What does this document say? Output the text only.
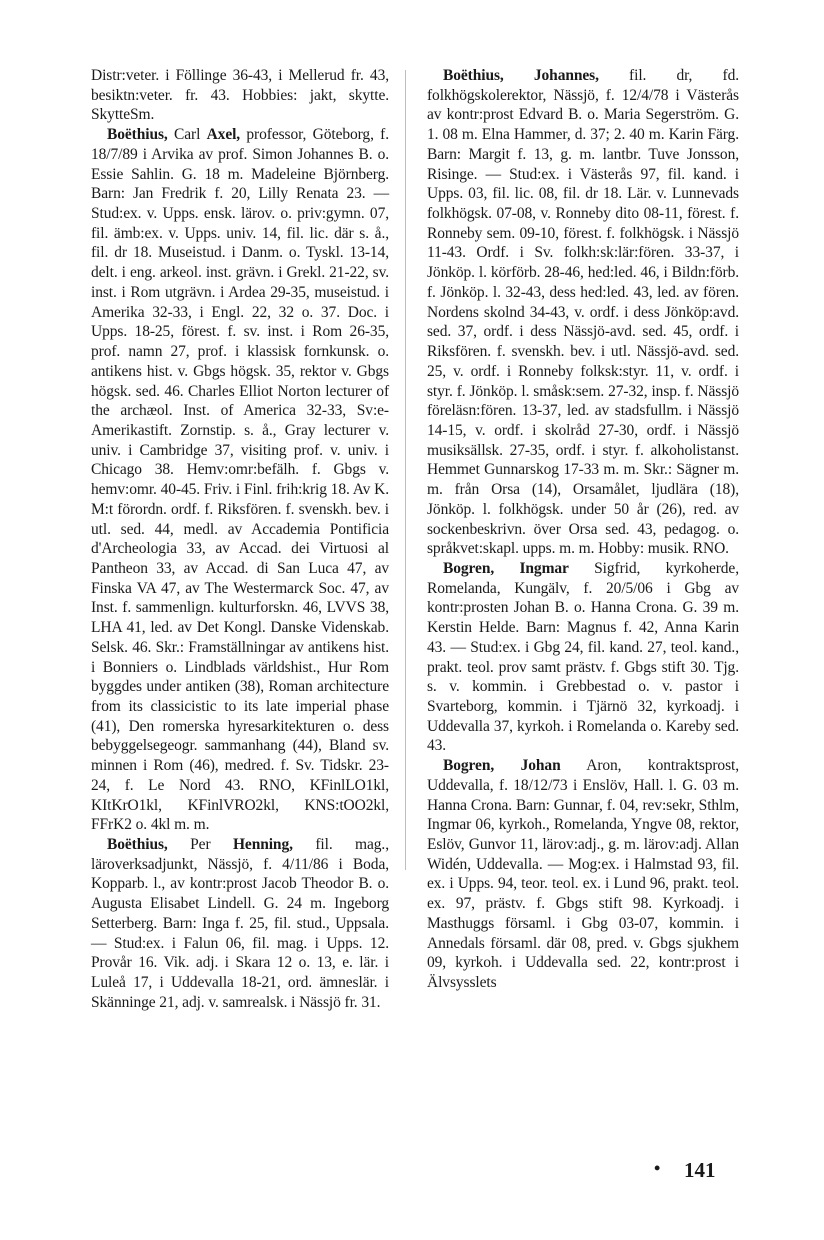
Distr:veter. i Föllinge 36-43, i Mellerud fr. 43, besiktn:veter. fr. 43. Hobbies: jakt, skytte. SkytteSm.

Boëthius, Carl Axel, professor, Göteborg, f. 18/7/89 i Arvika av prof. Simon Johannes B. o. Essie Sahlin. G. 18 m. Madeleine Björnberg. Barn: Jan Fredrik f. 20, Lilly Renata 23. — Stud:ex. v. Upps. ensk. lärov. o. priv:gymn. 07, fil. ämb:ex. v. Upps. univ. 14, fil. lic. där s. å., fil. dr 18. Museistud. i Danm. o. Tyskl. 13-14, delt. i eng. arkeol. inst. grävn. i Grekl. 21-22, sv. inst. i Rom utgrävn. i Ardea 29-35, museistud. i Amerika 32-33, i Engl. 22, 32 o. 37. Doc. i Upps. 18-25, förest. f. sv. inst. i Rom 26-35, prof. namn 27, prof. i klassisk fornkunsk. o. antikens hist. v. Gbgs högsk. 35, rektor v. Gbgs högsk. sed. 46. Charles Elliot Norton lecturer of the archæol. Inst. of America 32-33, Sv:e-Amerikastift. Zornstip. s. å., Gray lecturer v. univ. i Cambridge 37, visiting prof. v. univ. i Chicago 38. Hemv:omr:befälh. f. Gbgs v. hemv:omr. 40-45. Friv. i Finl. frih:krig 18. Av K. M:t förordn. ordf. f. Riksfören. f. svenskh. bev. i utl. sed. 44, medl. av Accademia Pontificia d'Archeologia 33, av Accad. dei Virtuosi al Pantheon 33, av Accad. di San Luca 47, av Finska VA 47, av The Westermarck Soc. 47, av Inst. f. sammenlign. kulturforskn. 46, LVVS 38, LHA 41, led. av Det Kongl. Danske Videnskab. Selsk. 46. Skr.: Framställningar av antikens hist. i Bonniers o. Lindblads världshist., Hur Rom byggdes under antiken (38), Roman architecture from its classicistic to its late imperial phase (41), Den romerska hyresarkitekturen o. dess bebyggelsegeogr. sammanhang (44), Bland sv. minnen i Rom (46), medred. f. Sv. Tidskr. 23-24, f. Le Nord 43. RNO, KFinlLO1kl, KItKrO1kl, KFinlVRO2kl, KNS:tOO2kl, FFrK2 o. 4kl m. m.

Boëthius, Per Henning, fil. mag., läroverksadjunkt, Nässjö, f. 4/11/86 i Boda, Kopparb. l., av kontr:prost Jacob Theodor B. o. Augusta Elisabet Lindell. G. 24 m. Ingeborg Setterberg. Barn: Inga f. 25, fil. stud., Uppsala. — Stud:ex. i Falun 06, fil. mag. i Upps. 12. Provår 16. Vik. adj. i Skara 12 o. 13, e. lär. i Luleå 17, i Uddevalla 18-21, ord. ämneslär. i Skänninge 21, adj. v. samrealsk. i Nässjö fr. 31.

Boëthius, Johannes, fil. dr, fd. folkhögskolerektor, Nässjö, f. 12/4/78 i Västerås av kontr:prost Edvard B. o. Maria Segerström. G. 1. 08 m. Elna Hammer, d. 37; 2. 40 m. Karin Färg. Barn: Margit f. 13, g. m. lantbr. Tuve Jonsson, Risinge. — Stud:ex. i Västerås 97, fil. kand. i Upps. 03, fil. lic. 08, fil. dr 18. Lär. v. Lunnevads folkhögsk. 07-08, v. Ronneby dito 08-11, förest. f. Ronneby sem. 09-10, förest. f. folkhögsk. i Nässjö 11-43. Ordf. i Sv. folkh:sk:lär:fören. 33-37, i Jönköp. l. körförb. 28-46, hed:led. 46, i Bildn:förb. f. Jönköp. l. 32-43, dess hed:led. 43, led. av fören. Nordens skolnd 34-43, v. ordf. i dess Jönköp:avd. sed. 37, ordf. i dess Nässjö-avd. sed. 45, ordf. i Riksfören. f. svenskh. bev. i utl. Nässjö-avd. sed. 25, v. ordf. i Ronneby folksk:styr. 11, v. ordf. i styr. f. Jönköp. l. småsk:sem. 27-32, insp. f. Nässjö föreläsn:fören. 13-37, led. av stadsfullm. i Nässjö 14-15, v. ordf. i skolråd 27-30, ordf. i Nässjö musiksällsk. 27-35, ordf. i styr. f. alkoholistanst. Hemmet Gunnarskog 17-33 m. m. Skr.: Sägner m. m. från Orsa (14), Orsamålet, ljudlära (18), Jönköp. l. folkhögsk. under 50 år (26), red. av sockenbeskrivn. över Orsa sed. 43, pedagog. o. språkvet:skapl. upps. m. m. Hobby: musik. RNO.

Bogren, Ingmar Sigfrid, kyrkoherde, Romelanda, Kungälv, f. 20/5/06 i Gbg av kontr:prosten Johan B. o. Hanna Crona. G. 39 m. Kerstin Helde. Barn: Magnus f. 42, Anna Karin 43. — Stud:ex. i Gbg 24, fil. kand. 27, teol. kand., prakt. teol. prov samt prästv. f. Gbgs stift 30. Tjg. s. v. kommin. i Grebbestad o. v. pastor i Svarteborg, kommin. i Tjärnö 32, kyrkoadj. i Uddevalla 37, kyrkoh. i Romelanda o. Kareby sed. 43.

Bogren, Johan Aron, kontraktsprost, Uddevalla, f. 18/12/73 i Enslöv, Hall. l. G. 03 m. Hanna Crona. Barn: Gunnar, f. 04, rev:sekr, Sthlm, Ingmar 06, kyrkoh., Romelanda, Yngve 08, rektor, Eslöv, Gunvor 11, lärov:adj., g. m. lärov:adj. Allan Widén, Uddevalla. — Mog:ex. i Halmstad 93, fil. ex. i Upps. 94, teor. teol. ex. i Lund 96, prakt. teol. ex. 97, prästv. f. Gbgs stift 98. Kyrkoadj. i Masthuggs församl. i Gbg 03-07, kommin. i Annedals församl. där 08, pred. v. Gbgs sjukhem 09, kyrkoh. i Uddevalla sed. 22, kontr:prost i Älvsysslets

• 141
